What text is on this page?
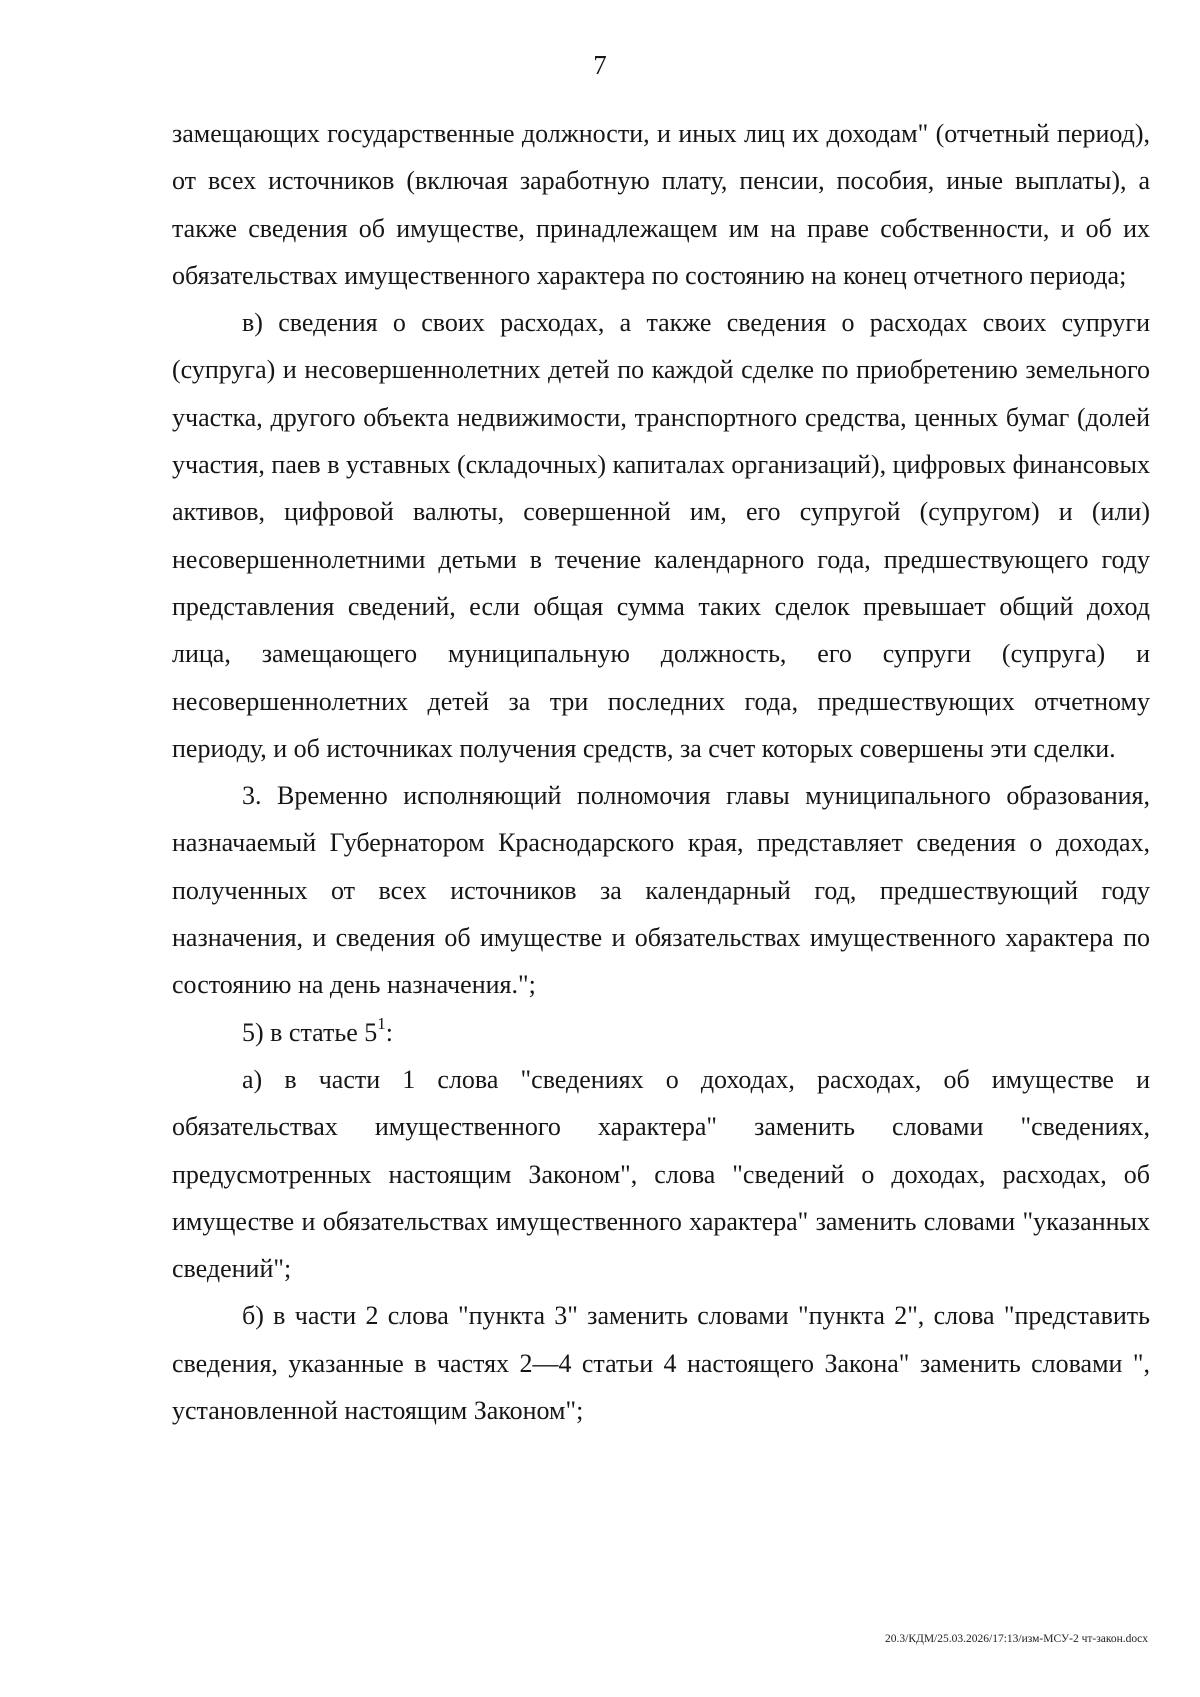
7

замещающих государственные должности, и иных лиц их доходам" (отчетный период), от всех источников (включая заработную плату, пенсии, пособия, иные выплаты), а также сведения об имуществе, принадлежащем им на праве собственности, и об их обязательствах имущественного характера по состоянию на конец отчетного периода;

в) сведения о своих расходах, а также сведения о расходах своих супруги (супруга) и несовершеннолетних детей по каждой сделке по приобретению земельного участка, другого объекта недвижимости, транспортного средства, ценных бумаг (долей участия, паев в уставных (складочных) капиталах организаций), цифровых финансовых активов, цифровой валюты, совершенной им, его супругой (супругом) и (или) несовершеннолетними детьми в течение календарного года, предшествующего году представления сведений, если общая сумма таких сделок превышает общий доход лица, замещающего муниципальную должность, его супруги (супруга) и несовершеннолетних детей за три последних года, предшествующих отчетному периоду, и об источниках получения средств, за счет которых совершены эти сделки.

3. Временно исполняющий полномочия главы муниципального образования, назначаемый Губернатором Краснодарского края, представляет сведения о доходах, полученных от всех источников за календарный год, предшествующий году назначения, и сведения об имуществе и обязательствах имущественного характера по состоянию на день назначения.";

5) в статье $5^1$:

а) в части 1 слова "сведениях о доходах, расходах, об имуществе и обязательствах имущественного характера" заменить словами "сведениях, предусмотренных настоящим Законом", слова "сведений о доходах, расходах, об имуществе и обязательствах имущественного характера" заменить словами "указанных сведений";

б) в части 2 слова "пункта 3" заменить словами "пункта 2", слова "представить сведения, указанные в частях 2—4 статьи 4 настоящего Закона" заменить словами ", установленной настоящим Законом";

20.3/КДМ/25.03.2026/17:13/изм-МСУ-2 чт-закон.docx
